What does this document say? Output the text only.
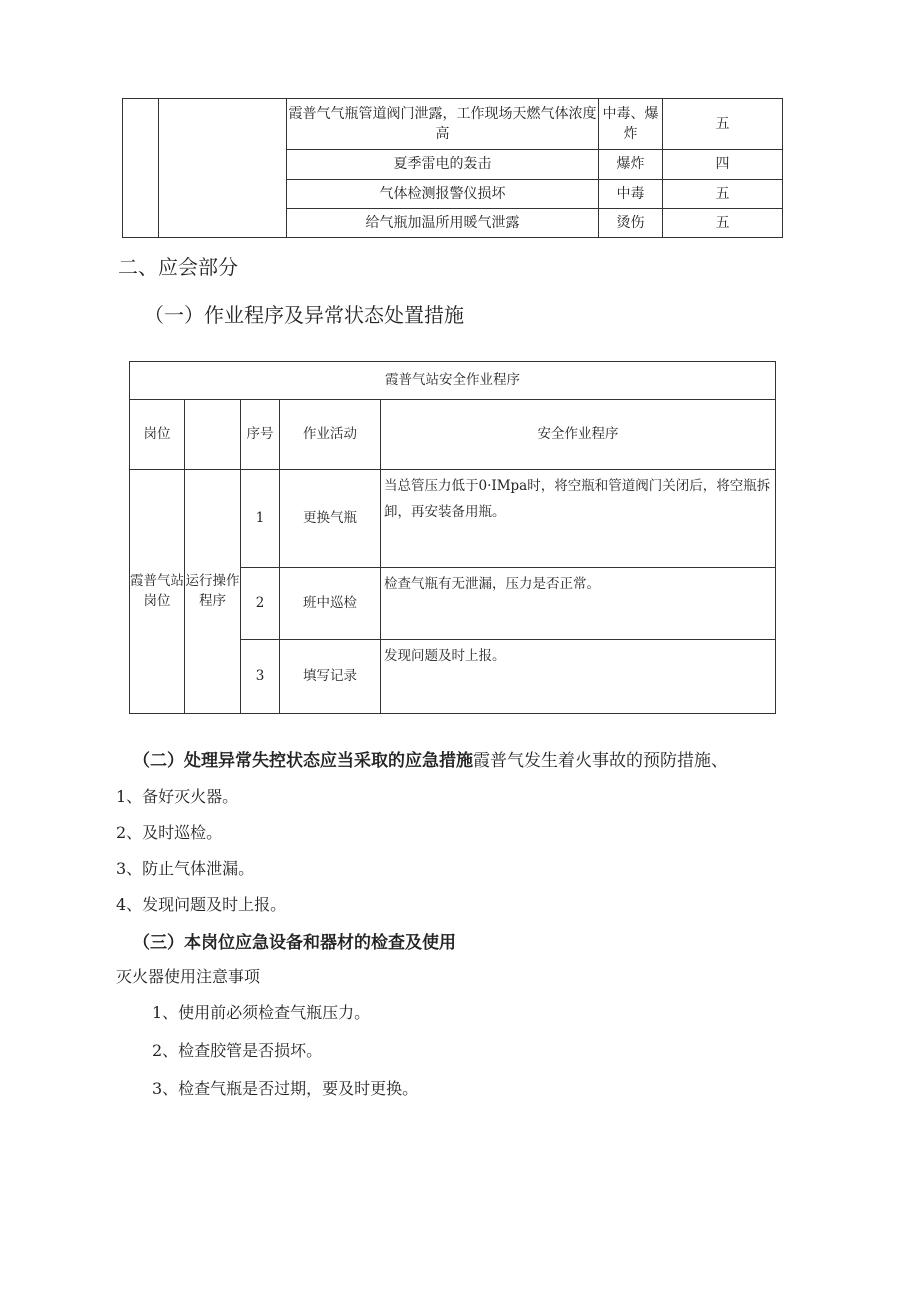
		霞普气气瓶管道阀门泄露，工作现场天燃气体浓度高	中毒、爆炸	五
		夏季雷电的轰击	爆炸	四
		气体检测报警仪损坏	中毒	五
		给气瓶加温所用暖气泄露	烫伤	五
二、应会部分
（一）作业程序及异常状态处置措施
霞普气站安全作业程序				
岗位		序号	作业活动	安全作业程序
霞普气站岗位	运行操作程序	1	更换气瓶	当总管压力低于0·IMpa时，将空瓶和管道阀门关闭后，将空瓶拆卸，再安装备用瓶。
		2	班中巡检	检查气瓶有无泄漏，压力是否正常。
		3	填写记录	发现问题及时上报。
（二）处理异常失控状态应当采取的应急措施霞普气发生着火事故的预防措施、
1、备好灭火器。
2、及时巡检。
3、防止气体泄漏。
4、发现问题及时上报。
（三）本岗位应急设备和器材的检查及使用
灭火器使用注意事项
1、使用前必须检查气瓶压力。
2、检查胶管是否损坏。
3、检查气瓶是否过期，要及时更换。
